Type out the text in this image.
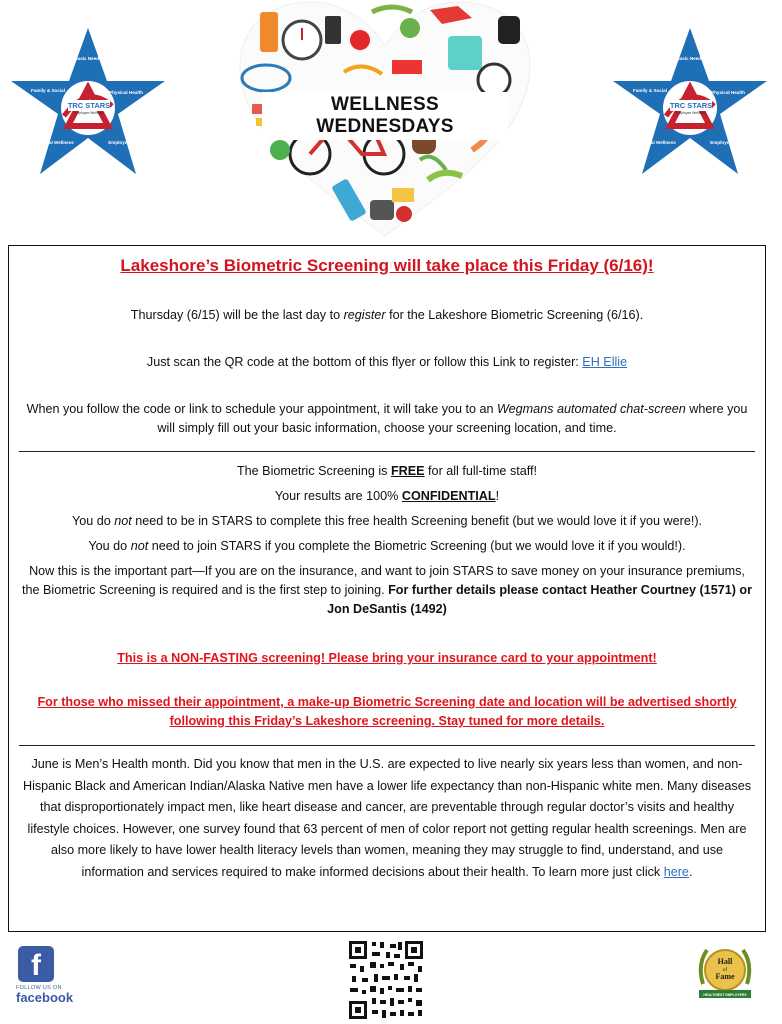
TRC STARS
Employee Wellness
Basic Needs
Physical Health
Employment
Mental Wellness
Family & Social
WELLNESS WEDNESDAYS
TRC STARS
Employee Wellness
Basic Needs
Physical Health
Employment
Mental Wellness
Family & Social
Lakeshore’s Biometric Screening will take place this Friday (6/16)!
Thursday (6/15) will be the last day to register for the Lakeshore Biometric Screening (6/16).
Just scan the QR code at the bottom of this flyer or follow this Link to register: EH Ellie
When you follow the code or link to schedule your appointment, it will take you to an Wegmans automated chat-screen where you will simply fill out your basic information, choose your screening location, and time.
The Biometric Screening is FREE for all full-time staff!
Your results are 100% CONFIDENTIAL!
You do not need to be in STARS to complete this free health Screening benefit (but we would love it if you were!).
You do not need to join STARS if you complete the Biometric Screening (but we would love it if you would!).
Now this is the important part—If you are on the insurance, and want to join STARS to save money on your insurance premiums, the Biometric Screening is required and is the first step to joining. For further details please contact Heather Courtney (1571) or Jon DeSantis (1492)
This is a NON-FASTING screening! Please bring your insurance card to your appointment!
For those who missed their appointment, a make-up Biometric Screening date and location will be advertised shortly following this Friday’s Lakeshore screening. Stay tuned for more details.
June is Men’s Health month. Did you know that men in the U.S. are expected to live nearly six years less than women, and non-Hispanic Black and American Indian/Alaska Native men have a lower life expectancy than non-Hispanic white men. Many diseases that disproportionately impact men, like heart disease and cancer, are preventable through regular doctor’s visits and healthy lifestyle choices. However, one survey found that 63 percent of men of color report not getting regular health screenings. Men are also more likely to have lower health literacy levels than women, meaning they may struggle to find, understand, and use information and services required to make informed decisions about their health. To learn more just click here.
f
FOLLOW US ON
facebook
Hall
of
Fame
HEALTHIEST EMPLOYERS
